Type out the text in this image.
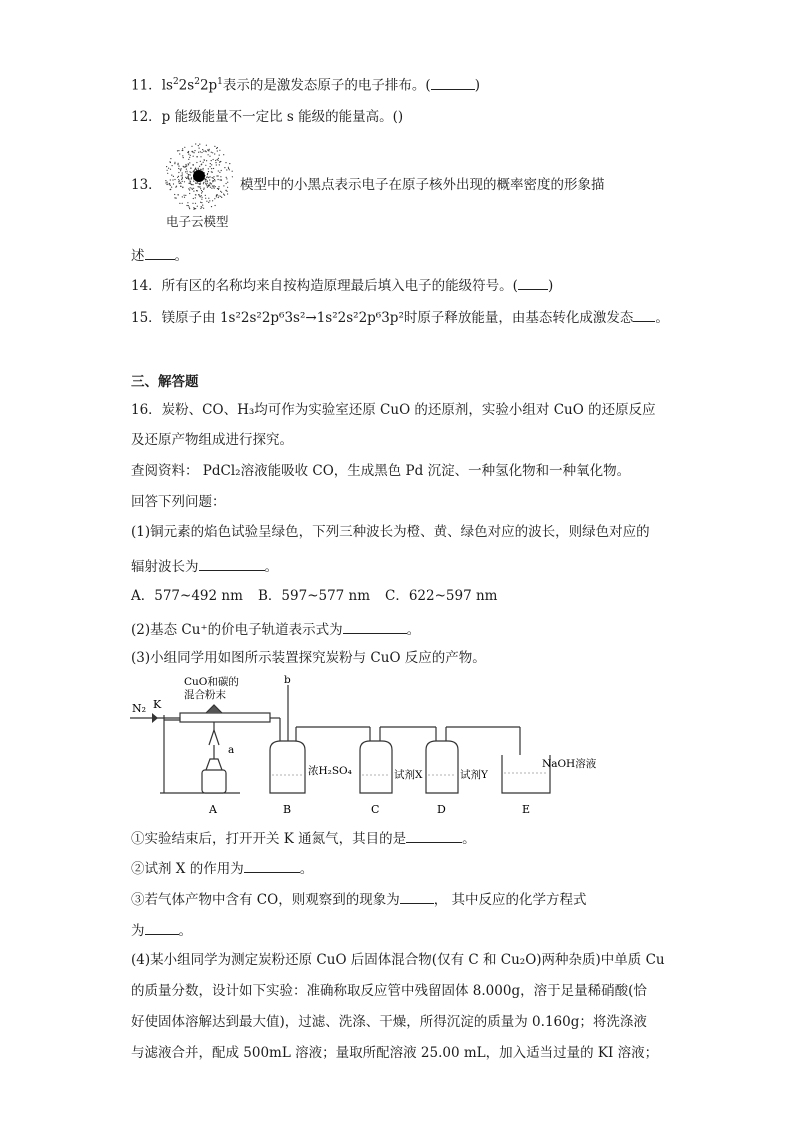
11．$ls^22s^22p^1$表示的是激发态原子的电子排布。(	)
12．p 能级能量不一定比 s 能级的能量高。()
13．	模型中的小黑点表示电子在原子核外出现的概率密度的形象描
电子云模型
述 。
14．所有区的名称均来自按构造原理最后填入电子的能级符号。( )
15．镁原子由 1s²2s²2p⁶3s²→1s²2s²2p⁶3p²时原子释放能量，由基态转化成激发态 。
三、解答题
16．炭粉、CO、H₃均可作为实验室还原 CuO 的还原剂，实验小组对 CuO 的还原反应
及还原产物组成进行探究。
查阅资料： PdCl₂溶液能吸收 CO，生成黑色 Pd 沉淀、一种氢化物和一种氧化物。
回答下列问题：
(1)铜元素的焰色试验呈绿色，下列三种波长为橙、黄、绿色对应的波长，则绿色对应的
辐射波长为	。
A．577~492 nm B．597~577 nm C．622~597 nm
(2)基态 Cu⁺的价电子轨道表示式为	。
(3)小组同学用如图所示装置探究炭粉与 CuO 反应的产物。
N₂ K
CuO和碳的
混合粉末
a
b
浓H₂SO₄	试剂X	试剂Y
NaOH溶液
A	B	C	D	E
①实验结束后，打开开关 K 通氮气，其目的是	。
②试剂 X 的作用为	。
③若气体产物中含有 CO，则观察到的现象为	， 其中反应的化学方程式
为	。
(4)某小组同学为测定炭粉还原 CuO 后固体混合物(仅有 C 和 Cu₂O)两种杂质)中单质 Cu
的质量分数，设计如下实验：准确称取反应管中残留固体 8.000g，溶于足量稀硝酸(恰
好使固体溶解达到最大值)，过滤、洗涤、干燥，所得沉淀的质量为 0.160g；将洗涤液
与滤液合并，配成 500mL 溶液；量取所配溶液 25.00 mL，加入适当过量的 KI 溶液；
